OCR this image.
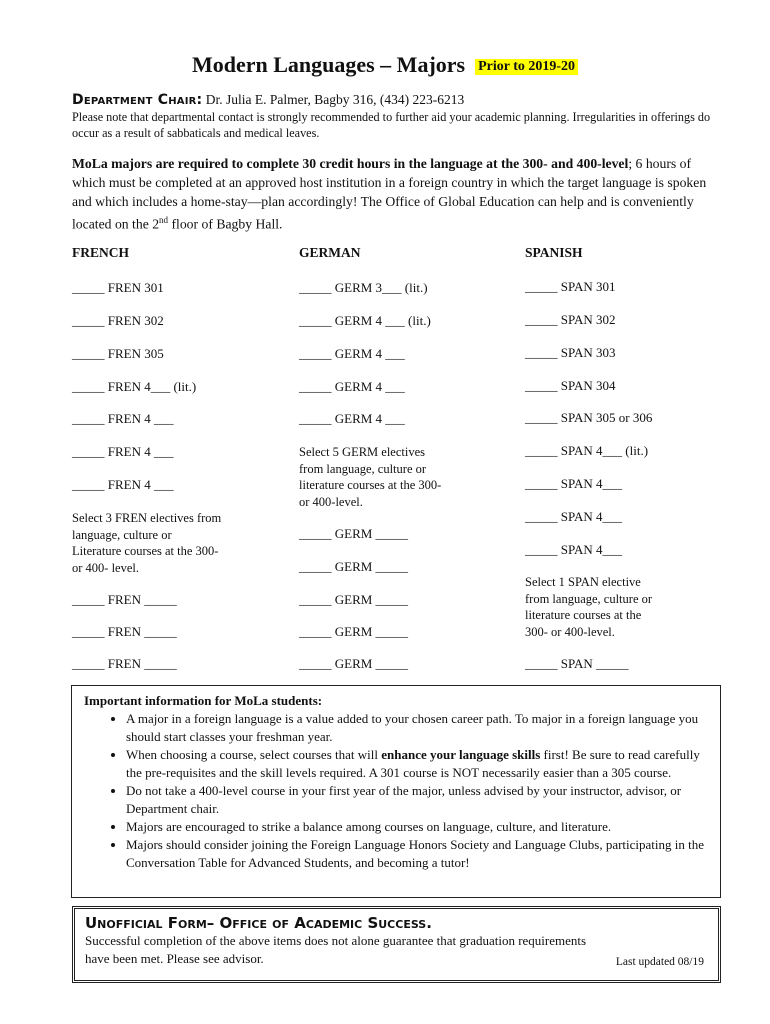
Modern Languages – Majors Prior to 2019-20
Department Chair: Dr. Julia E. Palmer, Bagby 316, (434) 223-6213
Please note that departmental contact is strongly recommended to further aid your academic planning. Irregularities in offerings do occur as a result of sabbaticals and medical leaves.
MoLa majors are required to complete 30 credit hours in the language at the 300- and 400-level; 6 hours of which must be completed at an approved host institution in a foreign country in which the target language is spoken and which includes a home-stay—plan accordingly! The Office of Global Education can help and is conveniently located on the 2nd floor of Bagby Hall.
FRENCH
_____ FREN 301
_____ FREN 302
_____ FREN 305
_____ FREN 4___ (lit.)
_____ FREN 4 ___
_____ FREN 4 ___
_____ FREN 4 ___
Select 3 FREN electives from language, culture or Literature courses at the 300- or 400- level.
_____ FREN _____
_____ FREN _____
_____ FREN _____
GERMAN
_____ GERM 3___ (lit.)
_____ GERM 4 ___ (lit.)
_____ GERM 4 ___
_____ GERM 4 ___
_____ GERM 4 ___
Select 5 GERM electives from language, culture or literature courses at the 300- or 400-level.
_____ GERM _____
_____ GERM _____
_____ GERM _____
_____ GERM _____
_____ GERM _____
SPANISH
_____ SPAN 301
_____ SPAN 302
_____ SPAN 303
_____ SPAN 304
_____ SPAN 305 or 306
_____ SPAN 4___ (lit.)
_____ SPAN 4___
_____ SPAN 4___
_____ SPAN 4___
Select 1 SPAN elective from language, culture or literature courses at the 300- or 400-level.
_____ SPAN _____
Important information for MoLa students:
• A major in a foreign language is a value added to your chosen career path. To major in a foreign language you should start classes your freshman year.
• When choosing a course, select courses that will enhance your language skills first! Be sure to read carefully the pre-requisites and the skill levels required. A 301 course is NOT necessarily easier than a 305 course.
• Do not take a 400-level course in your first year of the major, unless advised by your instructor, advisor, or Department chair.
• Majors are encouraged to strike a balance among courses on language, culture, and literature.
• Majors should consider joining the Foreign Language Honors Society and Language Clubs, participating in the Conversation Table for Advanced Students, and becoming a tutor!
Unofficial Form– Office of Academic Success.
Successful completion of the above items does not alone guarantee that graduation requirements have been met. Please see advisor.	Last updated 08/19
